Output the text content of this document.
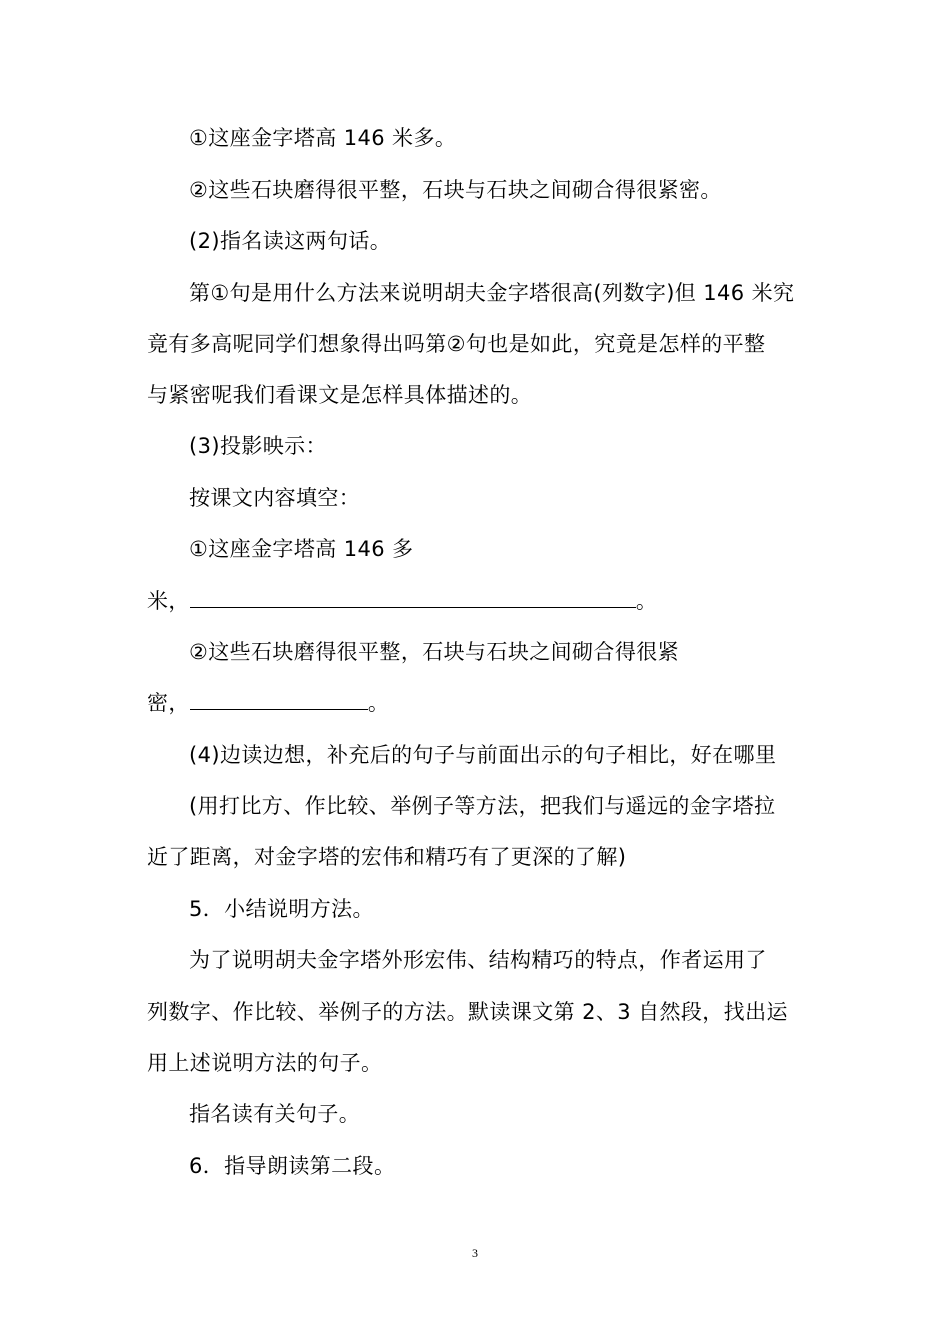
①这座金字塔高 146 米多。
②这些石块磨得很平整，石块与石块之间砌合得很紧密。
(2)指名读这两句话。
第①句是用什么方法来说明胡夫金字塔很高(列数字)但 146 米究
竟有多高呢同学们想象得出吗第②句也是如此，究竟是怎样的平整
与紧密呢我们看课文是怎样具体描述的。
(3)投影映示：
按课文内容填空：
①这座金字塔高 146 多
米，	。
②这些石块磨得很平整，石块与石块之间砌合得很紧
密，	。
(4)边读边想，补充后的句子与前面出示的句子相比，好在哪里
(用打比方、作比较、举例子等方法，把我们与遥远的金字塔拉
近了距离，对金字塔的宏伟和精巧有了更深的了解)
5．小结说明方法。
为了说明胡夫金字塔外形宏伟、结构精巧的特点，作者运用了
列数字、作比较、举例子的方法。默读课文第 2、3 自然段，找出运
用上述说明方法的句子。
指名读有关句子。
6．指导朗读第二段。
3
